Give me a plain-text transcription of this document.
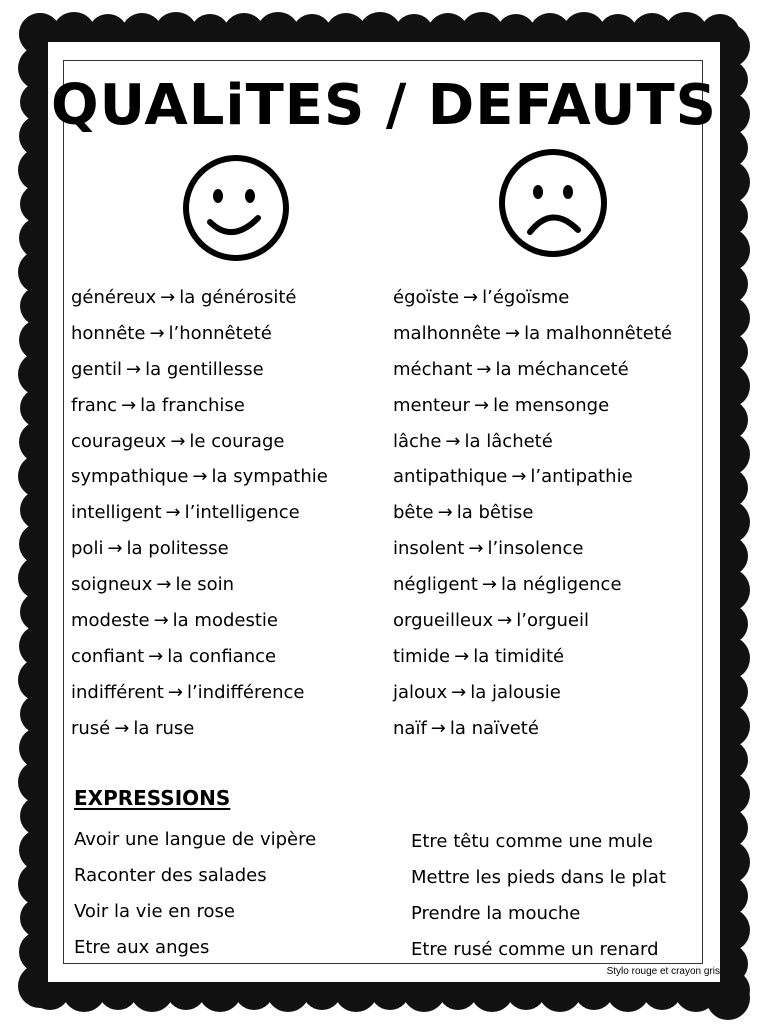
QUALiTES / DEFAUTS
généreux → la générosité
honnête → l’honnêteté
gentil → la gentillesse
franc → la franchise
courageux → le courage
sympathique → la sympathie
intelligent → l’intelligence
poli → la politesse
soigneux → le soin
modeste → la modestie
confiant → la confiance
indifférent → l’indifférence
rusé → la ruse
égoïste → l’égoïsme
malhonnête → la malhonnêteté
méchant → la méchanceté
menteur → le mensonge
lâche → la lâcheté
antipathique → l’antipathie
bête → la bêtise
insolent → l’insolence
négligent → la négligence
orgueilleux → l’orgueil
timide → la timidité
jaloux → la jalousie
naïf → la naïveté
EXPRESSIONS
Avoir une langue de vipère
Raconter des salades
Voir la vie en rose
Etre aux anges
Etre têtu comme une mule
Mettre les pieds dans le plat
Prendre la mouche
Etre rusé comme un renard
Stylo rouge et crayon gris
